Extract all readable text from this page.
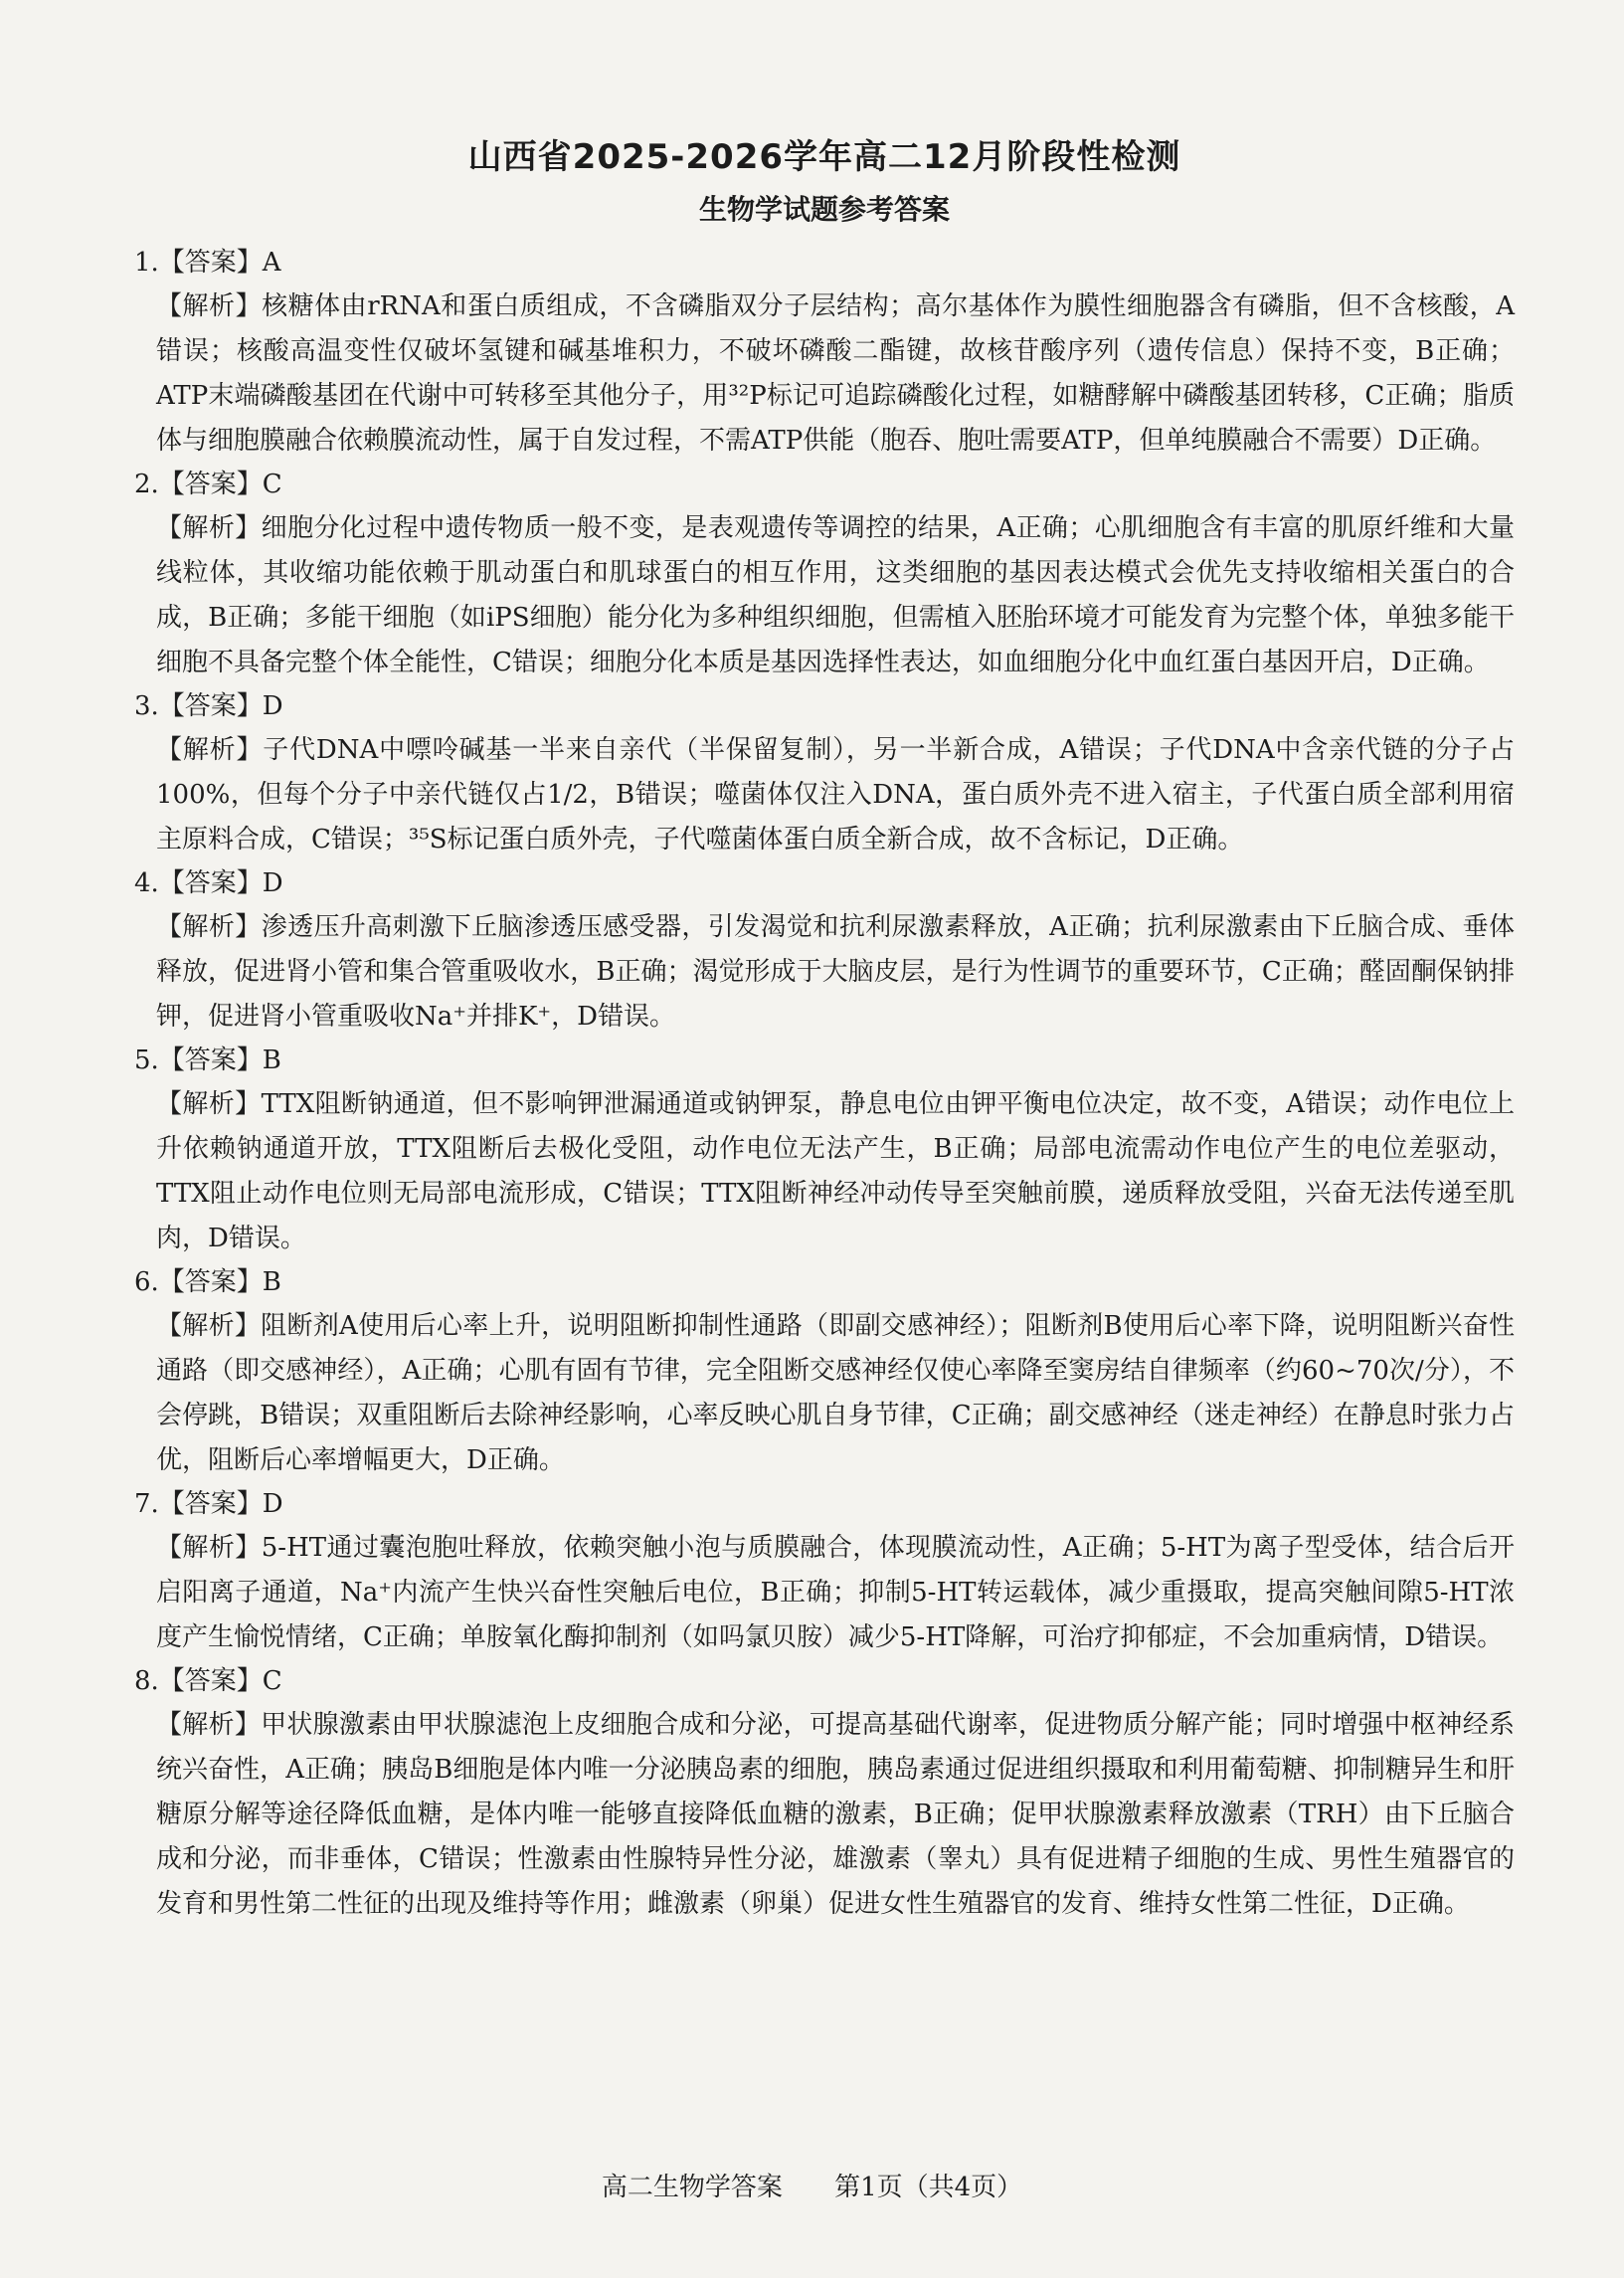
山西省2025-2026学年高二12月阶段性检测
生物学试题参考答案

1.【答案】A

【解析】核糖体由rRNA和蛋白质组成，不含磷脂双分子层结构；高尔基体作为膜性细胞器含有磷脂，但不含核酸，A错误；核酸高温变性仅破坏氢键和碱基堆积力，不破坏磷酸二酯键，故核苷酸序列（遗传信息）保持不变，B正确；ATP末端磷酸基团在代谢中可转移至其他分子，用³²P标记可追踪磷酸化过程，如糖酵解中磷酸基团转移，C正确；脂质体与细胞膜融合依赖膜流动性，属于自发过程，不需ATP供能（胞吞、胞吐需要ATP，但单纯膜融合不需要）D正确。

2.【答案】C

【解析】细胞分化过程中遗传物质一般不变，是表观遗传等调控的结果，A正确；心肌细胞含有丰富的肌原纤维和大量线粒体，其收缩功能依赖于肌动蛋白和肌球蛋白的相互作用，这类细胞的基因表达模式会优先支持收缩相关蛋白的合成，B正确；多能干细胞（如iPS细胞）能分化为多种组织细胞，但需植入胚胎环境才可能发育为完整个体，单独多能干细胞不具备完整个体全能性，C错误；细胞分化本质是基因选择性表达，如血细胞分化中血红蛋白基因开启，D正确。

3.【答案】D

【解析】子代DNA中嘌呤碱基一半来自亲代（半保留复制），另一半新合成，A错误；子代DNA中含亲代链的分子占100%，但每个分子中亲代链仅占1/2，B错误；噬菌体仅注入DNA，蛋白质外壳不进入宿主，子代蛋白质全部利用宿主原料合成，C错误；³⁵S标记蛋白质外壳，子代噬菌体蛋白质全新合成，故不含标记，D正确。

4.【答案】D

【解析】渗透压升高刺激下丘脑渗透压感受器，引发渴觉和抗利尿激素释放，A正确；抗利尿激素由下丘脑合成、垂体释放，促进肾小管和集合管重吸收水，B正确；渴觉形成于大脑皮层，是行为性调节的重要环节，C正确；醛固酮保钠排钾，促进肾小管重吸收Na⁺并排K⁺，D错误。

5.【答案】B

【解析】TTX阻断钠通道，但不影响钾泄漏通道或钠钾泵，静息电位由钾平衡电位决定，故不变，A错误；动作电位上升依赖钠通道开放，TTX阻断后去极化受阻，动作电位无法产生，B正确；局部电流需动作电位产生的电位差驱动，TTX阻止动作电位则无局部电流形成，C错误；TTX阻断神经冲动传导至突触前膜，递质释放受阻，兴奋无法传递至肌肉，D错误。

6.【答案】B

【解析】阻断剂A使用后心率上升，说明阻断抑制性通路（即副交感神经）；阻断剂B使用后心率下降，说明阻断兴奋性通路（即交感神经），A正确；心肌有固有节律，完全阻断交感神经仅使心率降至窦房结自律频率（约60~70次/分），不会停跳，B错误；双重阻断后去除神经影响，心率反映心肌自身节律，C正确；副交感神经（迷走神经）在静息时张力占优，阻断后心率增幅更大，D正确。

7.【答案】D

【解析】5-HT通过囊泡胞吐释放，依赖突触小泡与质膜融合，体现膜流动性，A正确；5-HT为离子型受体，结合后开启阳离子通道，Na⁺内流产生快兴奋性突触后电位，B正确；抑制5-HT转运载体，减少重摄取，提高突触间隙5-HT浓度产生愉悦情绪，C正确；单胺氧化酶抑制剂（如吗氯贝胺）减少5-HT降解，可治疗抑郁症，不会加重病情，D错误。

8.【答案】C

【解析】甲状腺激素由甲状腺滤泡上皮细胞合成和分泌，可提高基础代谢率，促进物质分解产能；同时增强中枢神经系统兴奋性，A正确；胰岛B细胞是体内唯一分泌胰岛素的细胞，胰岛素通过促进组织摄取和利用葡萄糖、抑制糖异生和肝糖原分解等途径降低血糖，是体内唯一能够直接降低血糖的激素，B正确；促甲状腺激素释放激素（TRH）由下丘脑合成和分泌，而非垂体，C错误；性激素由性腺特异性分泌，雄激素（睾丸）具有促进精子细胞的生成、男性生殖器官的发育和男性第二性征的出现及维持等作用；雌激素（卵巢）促进女性生殖器官的发育、维持女性第二性征，D正确。

高二生物学答案 第1页（共4页）
